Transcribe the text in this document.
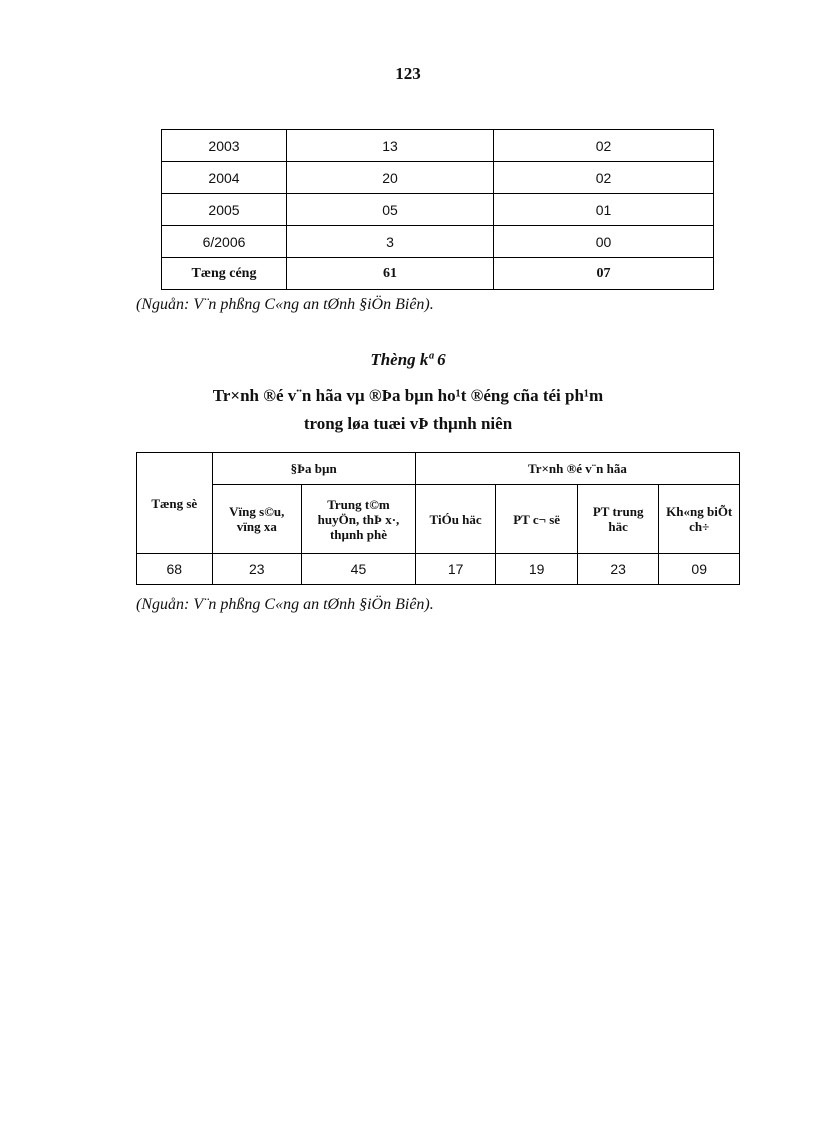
123
2003	13	02
2004	20	02
2005	05	01
6/2006	3	00
Tæng céng	61	07
(Nguån: V¨n phßng C«ng an tØnh §iÖn Biên).
Thèng kª 6
Tr×nh ®é v¨n hãa vµ ®Þa bµn ho¹t ®éng cña téi ph¹m
trong løa tuæi vÞ thµnh niên
Tæng sè	§Þa bµn		Tr×nh ®é v¨n hãa			
	Vïng s©u, vïng xa	Trung t©m huyÖn, thÞ x·, thµnh phè	TiÓu häc	PT c¬ së	PT trung häc	Kh«ng biÕt ch÷
68	23	45	17	19	23	09
(Nguån: V¨n phßng C«ng an tØnh §iÖn Biên).
